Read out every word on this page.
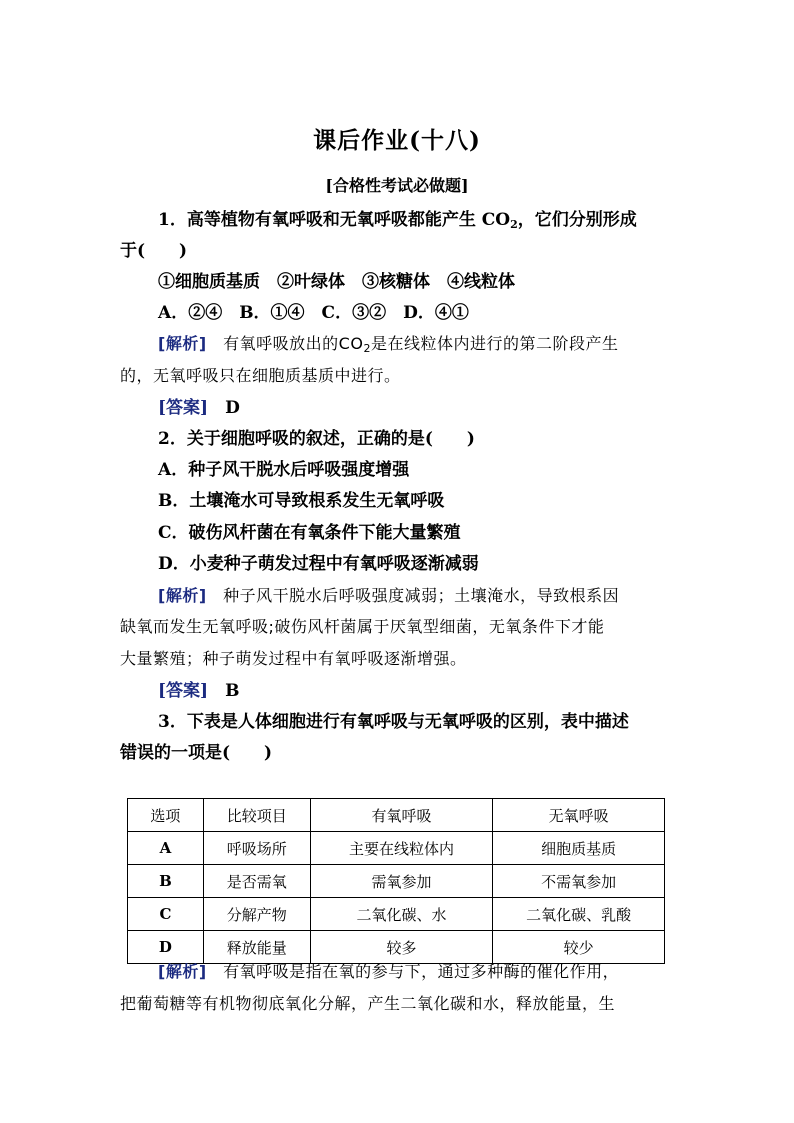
课后作业(十八)
[合格性考试必做题]
1．高等植物有氧呼吸和无氧呼吸都能产生 $CO_2$，它们分别形成
于(　　)
①细胞质基质　②叶绿体　③核糖体　④线粒体
A．②④　B．①④　C．③②　D．④①
[解析]　 有氧呼吸放出的$CO_2$是在线粒体内进行的第二阶段产生
的，无氧呼吸只在细胞质基质中进行。
[答案]　 D
2．关于细胞呼吸的叙述，正确的是(　　)
A．种子风干脱水后呼吸强度增强
B．土壤淹水可导致根系发生无氧呼吸
C．破伤风杆菌在有氧条件下能大量繁殖
D．小麦种子萌发过程中有氧呼吸逐渐减弱
[解析]　 种子风干脱水后呼吸强度减弱；土壤淹水，导致根系因
缺氧而发生无氧呼吸;破伤风杆菌属于厌氧型细菌，无氧条件下才能
大量繁殖；种子萌发过程中有氧呼吸逐渐增强。
[答案]　 B
3．下表是人体细胞进行有氧呼吸与无氧呼吸的区别，表中描述
错误的一项是(　　)
选项	比较项目	有氧呼吸	无氧呼吸
A	呼吸场所	主要在线粒体内	细胞质基质
B	是否需氧	需氧参加	不需氧参加
C	分解产物	二氧化碳、水	二氧化碳、乳酸
D	释放能量	较多	较少
[解析]　 有氧呼吸是指在氧的参与下，通过多种酶的催化作用，
把葡萄糖等有机物彻底氧化分解，产生二氧化碳和水，释放能量，生
